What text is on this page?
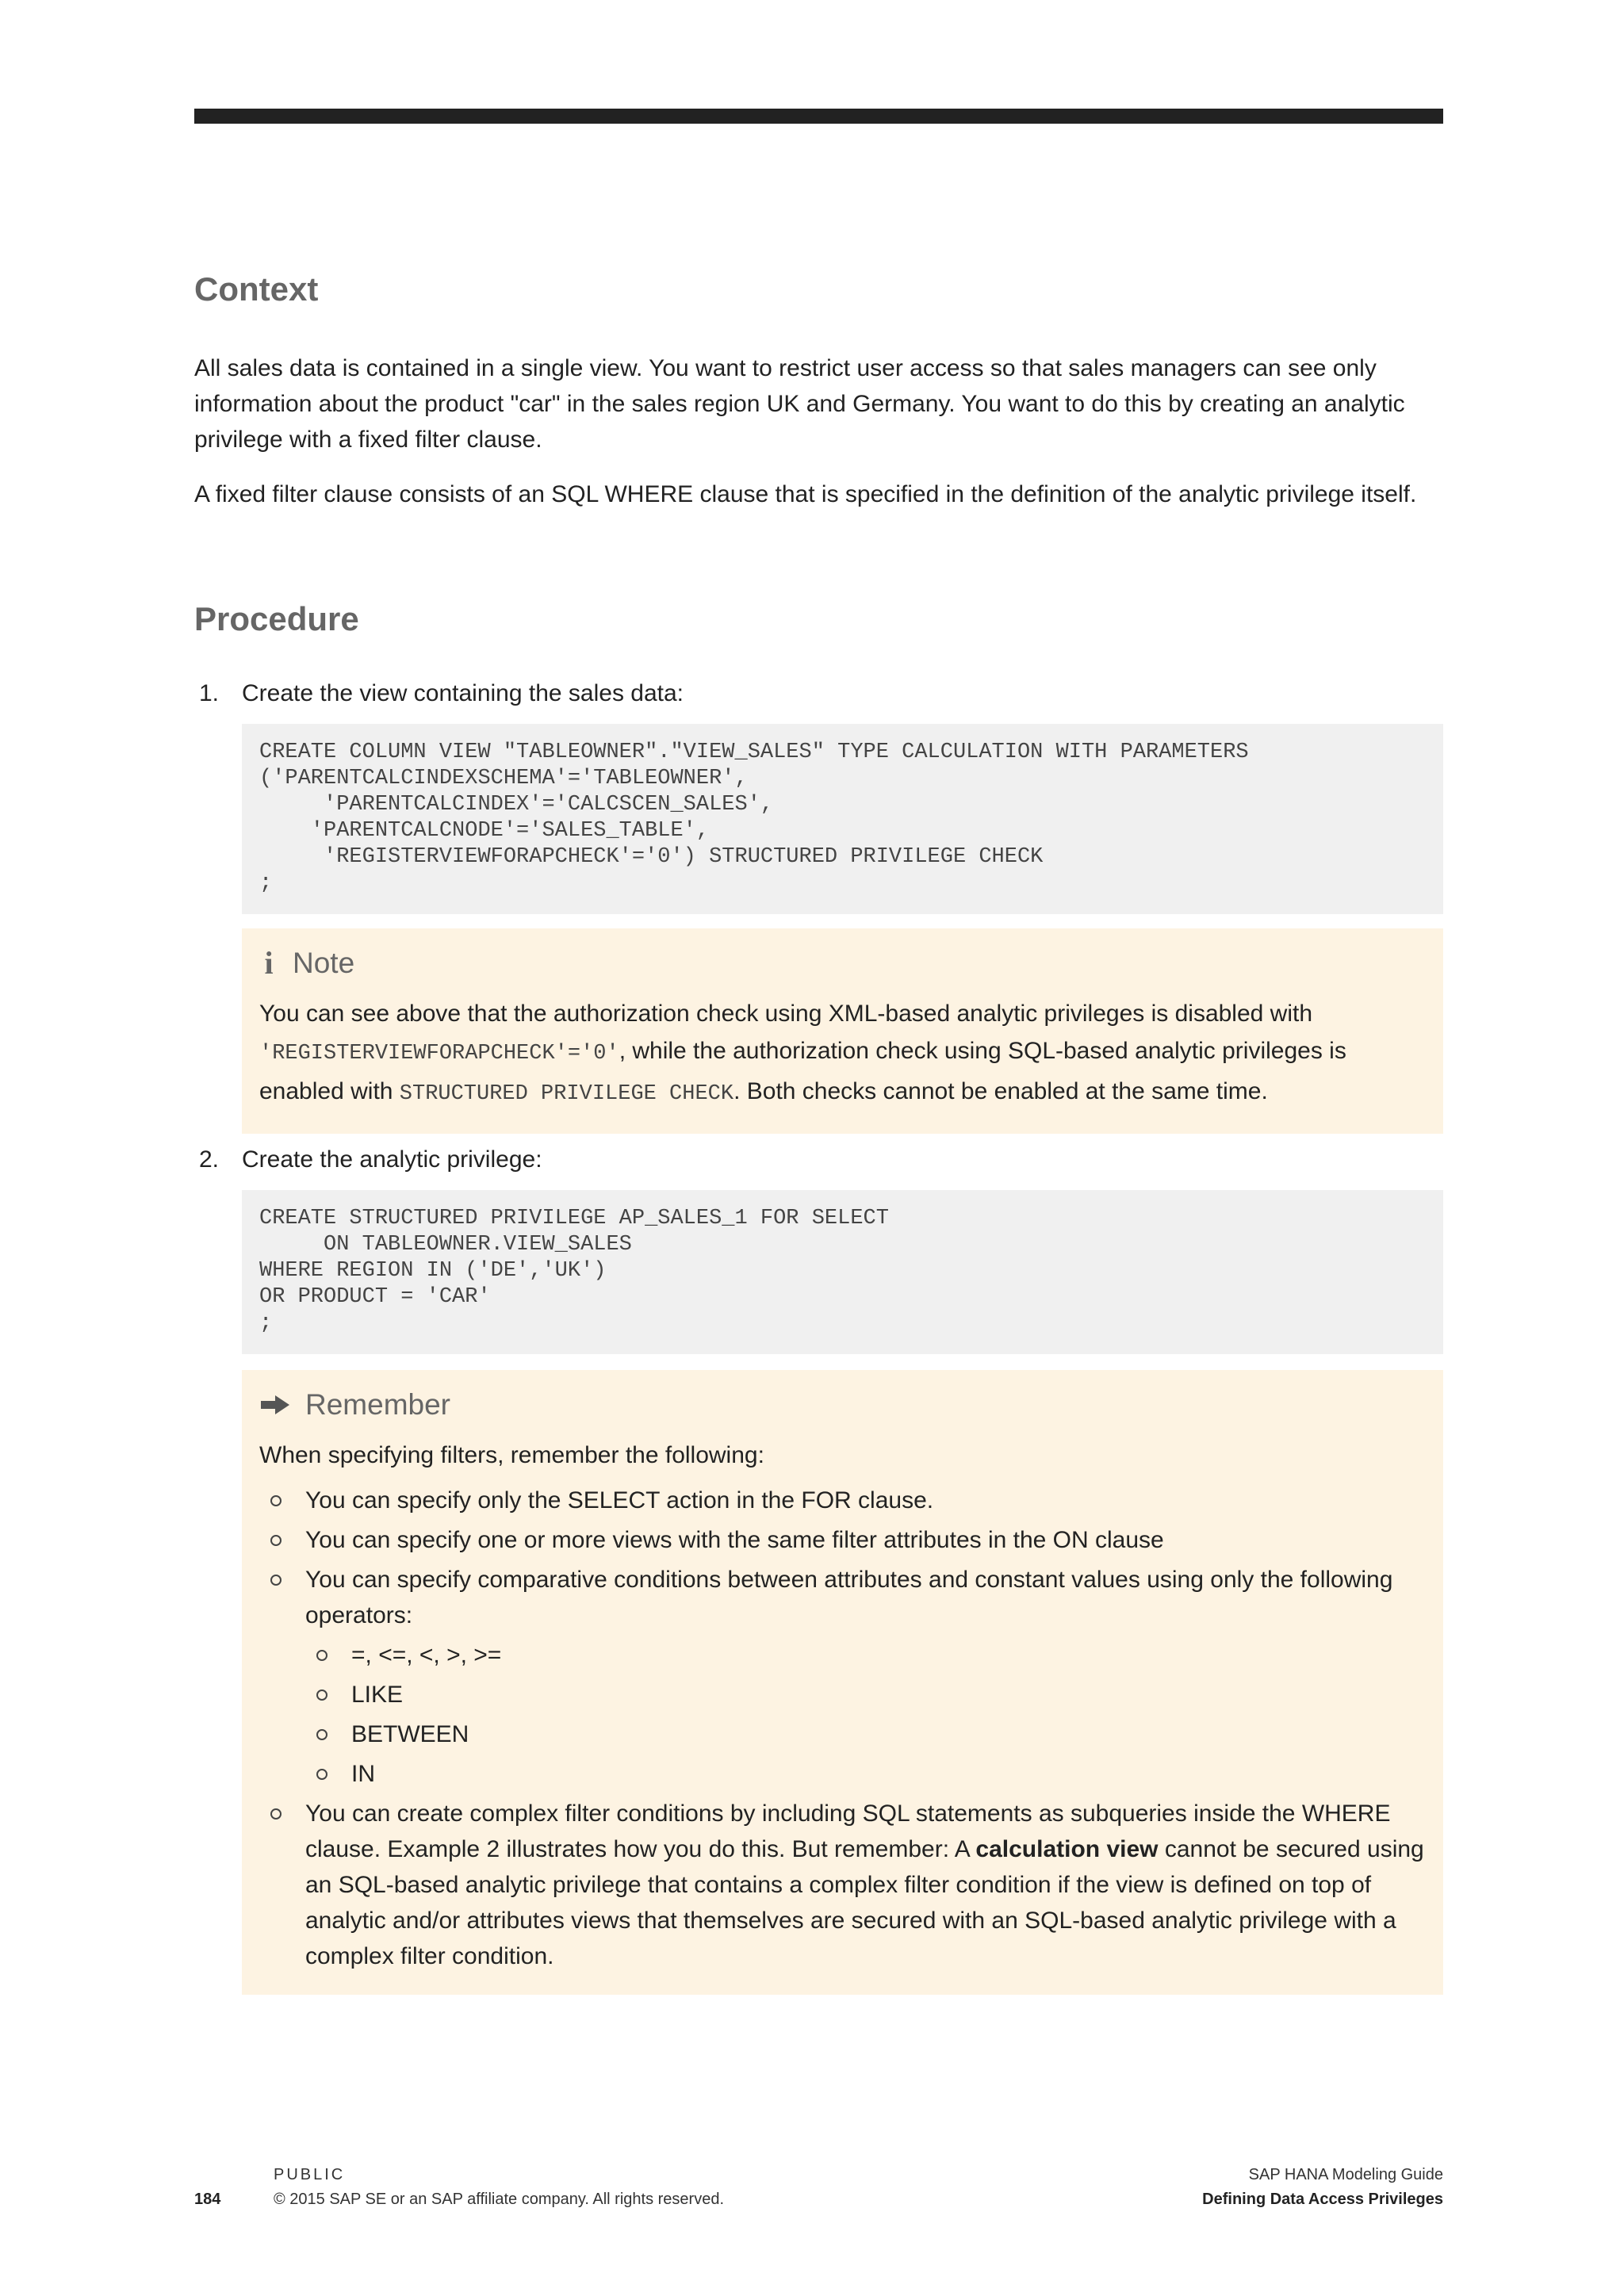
Context

All sales data is contained in a single view. You want to restrict user access so that sales managers can see only information about the product "car" in the sales region UK and Germany. You want to do this by creating an analytic privilege with a fixed filter clause.

A fixed filter clause consists of an SQL WHERE clause that is specified in the definition of the analytic privilege itself.

Procedure
1. Create the view containing the sales data:
CREATE COLUMN VIEW "TABLEOWNER"."VIEW_SALES" TYPE CALCULATION WITH PARAMETERS
('PARENTCALCINDEXSCHEMA'='TABLEOWNER',
'PARENTCALCINDEX'='CALCSCEN_SALES',
'PARENTCALCNODE'='SALES_TABLE',
'REGISTERVIEWFORAPCHECK'='0') STRUCTURED PRIVILEGE CHECK
;
i Note

You can see above that the authorization check using XML-based analytic privileges is disabled with 'REGISTERVIEWFORAPCHECK'='0', while the authorization check using SQL-based analytic privileges is enabled with STRUCTURED PRIVILEGE CHECK. Both checks cannot be enabled at the same time.

2. Create the analytic privilege:
CREATE STRUCTURED PRIVILEGE AP_SALES_1 FOR SELECT
ON TABLEOWNER.VIEW_SALES
WHERE REGION IN ('DE','UK')
OR PRODUCT = 'CAR'
;
Remember

When specifying filters, remember the following:

You can specify only the SELECT action in the FOR clause.
You can specify one or more views with the same filter attributes in the ON clause
You can specify comparative conditions between attributes and constant values using only the following operators:
=, <=, <, >, >=
LIKE
BETWEEN
IN
You can create complex filter conditions by including SQL statements as subqueries inside the WHERE clause. Example 2 illustrates how you do this. But remember: A calculation view cannot be secured using an SQL-based analytic privilege that contains a complex filter condition if the view is defined on top of analytic and/or attributes views that themselves are secured with an SQL-based analytic privilege with a complex filter condition.
PUBLIC
184	© 2015 SAP SE or an SAP affiliate company. All rights reserved.
SAP HANA Modeling Guide
Defining Data Access Privileges
